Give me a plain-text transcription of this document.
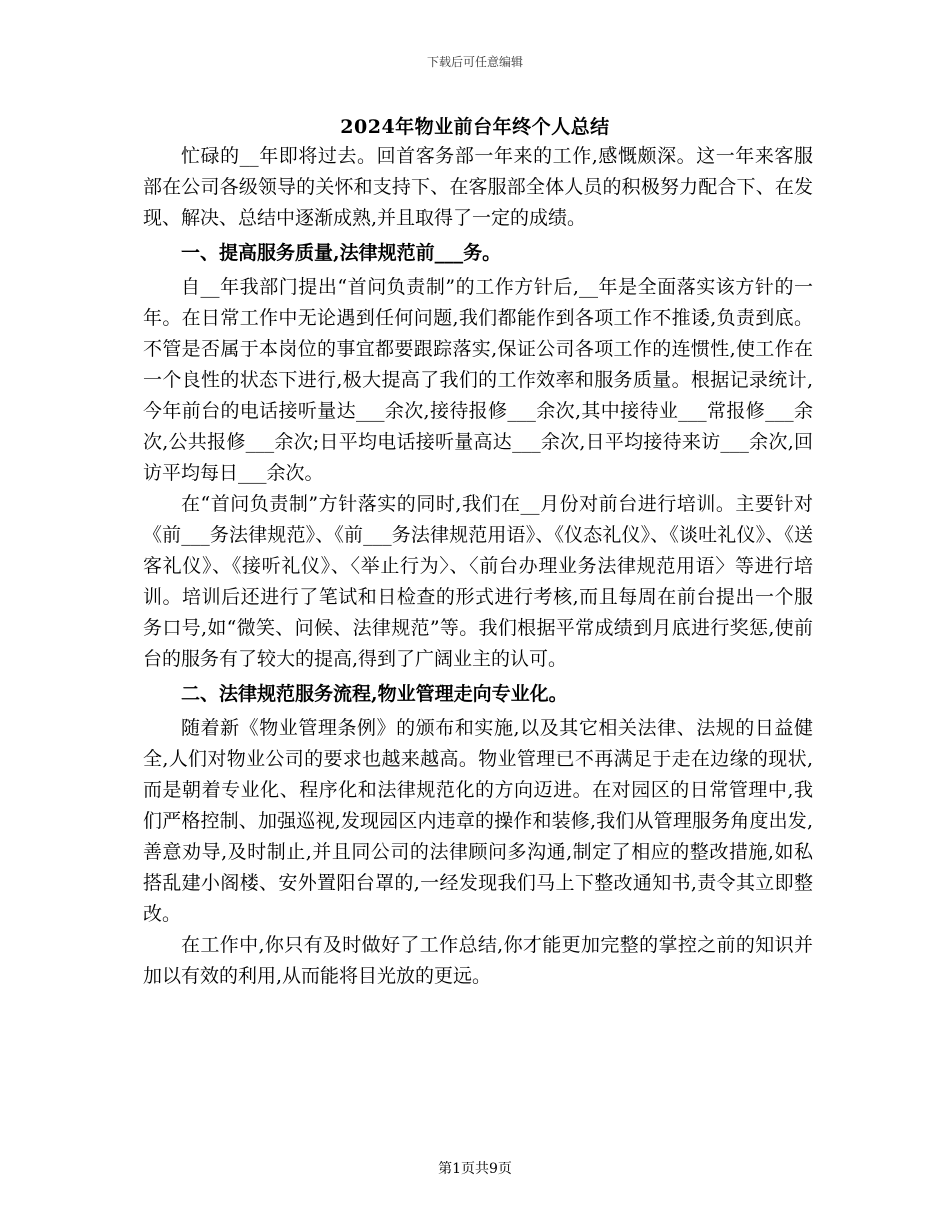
下载后可任意编辑
2024年物业前台年终个人总结

忙碌的__年即将过去。回首客务部一年来的工作,感慨颇深。这一年来客服部在公司各级领导的关怀和支持下、在客服部全体人员的积极努力配合下、在发现、解决、总结中逐渐成熟,并且取得了一定的成绩。

一、提高服务质量,法律规范前___务。

自__年我部门提出“首问负责制”的工作方针后,__年是全面落实该方针的一年。在日常工作中无论遇到任何问题,我们都能作到各项工作不推诿,负责到底。不管是否属于本岗位的事宜都要跟踪落实,保证公司各项工作的连惯性,使工作在一个良性的状态下进行,极大提高了我们的工作效率和服务质量。根据记录统计,今年前台的电话接听量达___余次,接待报修___余次,其中接待业___常报修___余次,公共报修___余次;日平均电话接听量高达___余次,日平均接待来访___余次,回访平均每日___余次。

在“首问负责制”方针落实的同时,我们在__月份对前台进行培训。主要针对《前___务法律规范》、《前___务法律规范用语》、《仪态礼仪》、《谈吐礼仪》、《送客礼仪》、《接听礼仪》、〈举止行为〉、〈前台办理业务法律规范用语〉等进行培训。培训后还进行了笔试和日检查的形式进行考核,而且每周在前台提出一个服务口号,如“微笑、问候、法律规范”等。我们根据平常成绩到月底进行奖惩,使前台的服务有了较大的提高,得到了广阔业主的认可。

二、法律规范服务流程,物业管理走向专业化。

随着新《物业管理条例》的颁布和实施,以及其它相关法律、法规的日益健全,人们对物业公司的要求也越来越高。物业管理已不再满足于走在边缘的现状,而是朝着专业化、程序化和法律规范化的方向迈进。在对园区的日常管理中,我们严格控制、加强巡视,发现园区内违章的操作和装修,我们从管理服务角度出发,善意劝导,及时制止,并且同公司的法律顾问多沟通,制定了相应的整改措施,如私搭乱建小阁楼、安外置阳台罩的,一经发现我们马上下整改通知书,责令其立即整改。

在工作中,你只有及时做好了工作总结,你才能更加完整的掌控之前的知识并加以有效的利用,从而能将目光放的更远。

第1页共9页
